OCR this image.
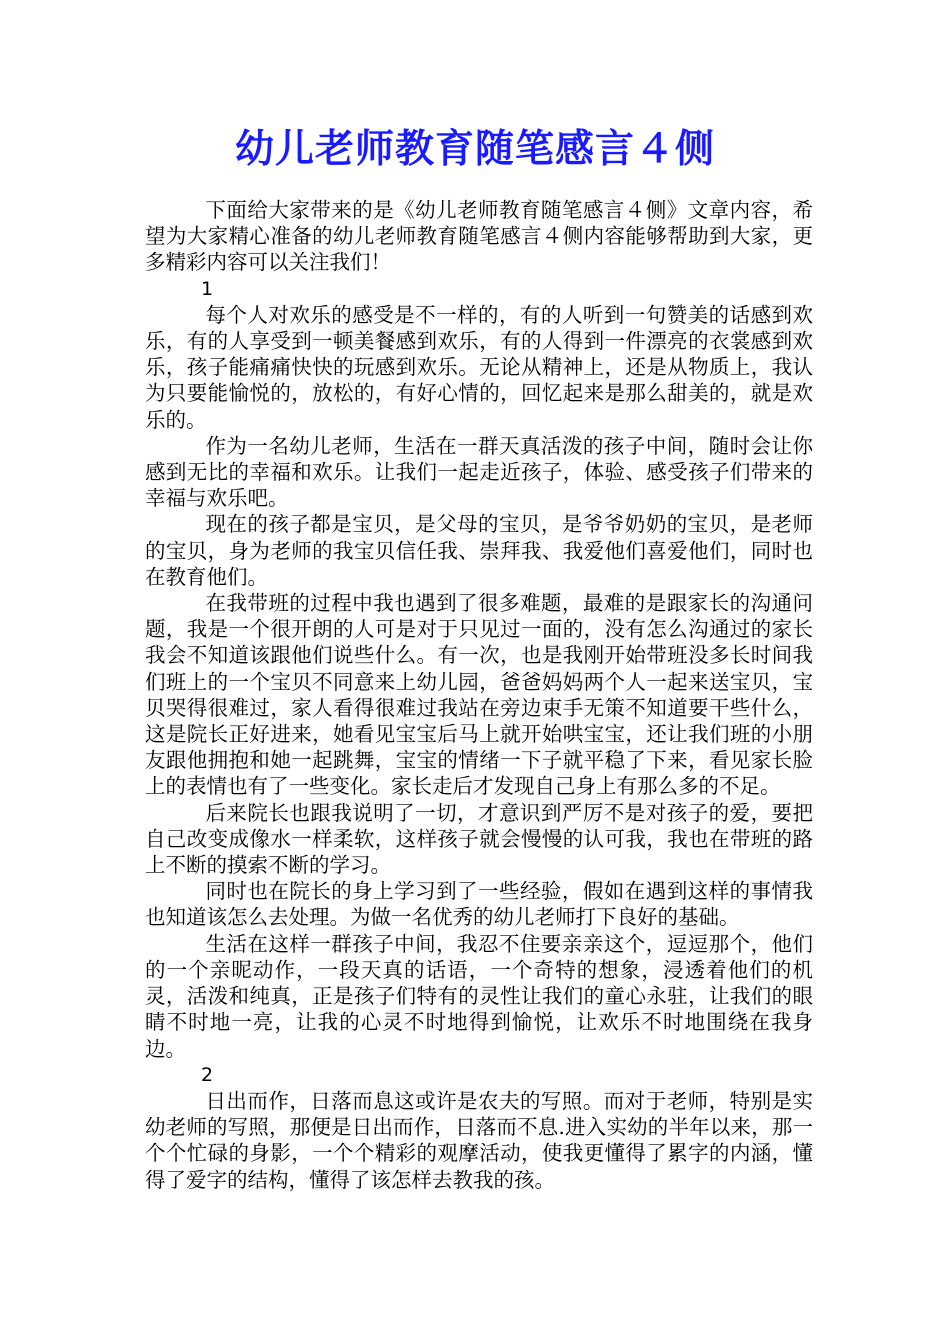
幼儿老师教育随笔感言４侧

下面给大家带来的是《幼儿老师教育随笔感言４侧》文章内容，希望为大家精心准备的幼儿老师教育随笔感言４侧内容能够帮助到大家，更多精彩内容可以关注我们！

1

每个人对欢乐的感受是不一样的，有的人听到一句赞美的话感到欢乐，有的人享受到一顿美餐感到欢乐，有的人得到一件漂亮的衣裳感到欢乐，孩子能痛痛快快的玩感到欢乐。无论从精神上，还是从物质上，我认为只要能愉悦的，放松的，有好心情的，回忆起来是那么甜美的，就是欢乐的。

作为一名幼儿老师，生活在一群天真活泼的孩子中间，随时会让你感到无比的幸福和欢乐。让我们一起走近孩子，体验、感受孩子们带来的幸福与欢乐吧。

现在的孩子都是宝贝，是父母的宝贝，是爷爷奶奶的宝贝，是老师的宝贝，身为老师的我宝贝信任我、崇拜我、我爱他们喜爱他们，同时也在教育他们。

在我带班的过程中我也遇到了很多难题，最难的是跟家长的沟通问题，我是一个很开朗的人可是对于只见过一面的，没有怎么沟通过的家长我会不知道该跟他们说些什么。有一次，也是我刚开始带班没多长时间我们班上的一个宝贝不同意来上幼儿园，爸爸妈妈两个人一起来送宝贝，宝贝哭得很难过，家人看得很难过我站在旁边束手无策不知道要干些什么，这是院长正好进来，她看见宝宝后马上就开始哄宝宝，还让我们班的小朋友跟他拥抱和她一起跳舞，宝宝的情绪一下子就平稳了下来，看见家长脸上的表情也有了一些变化。家长走后才发现自己身上有那么多的不足。

后来院长也跟我说明了一切，才意识到严厉不是对孩子的爱，要把自己改变成像水一样柔软，这样孩子就会慢慢的认可我，我也在带班的路上不断的摸索不断的学习。

同时也在院长的身上学习到了一些经验，假如在遇到这样的事情我也知道该怎么去处理。为做一名优秀的幼儿老师打下良好的基础。

生活在这样一群孩子中间，我忍不住要亲亲这个，逗逗那个，他们的一个亲昵动作，一段天真的话语，一个奇特的想象，浸透着他们的机灵，活泼和纯真，正是孩子们特有的灵性让我们的童心永驻，让我们的眼睛不时地一亮，让我的心灵不时地得到愉悦，让欢乐不时地围绕在我身边。

2

日出而作，日落而息这或许是农夫的写照。而对于老师，特别是实幼老师的写照，那便是日出而作，日落而不息.进入实幼的半年以来，那一个个忙碌的身影，一个个精彩的观摩活动，使我更懂得了累字的内涵，懂得了爱字的结构，懂得了该怎样去教我的孩。
